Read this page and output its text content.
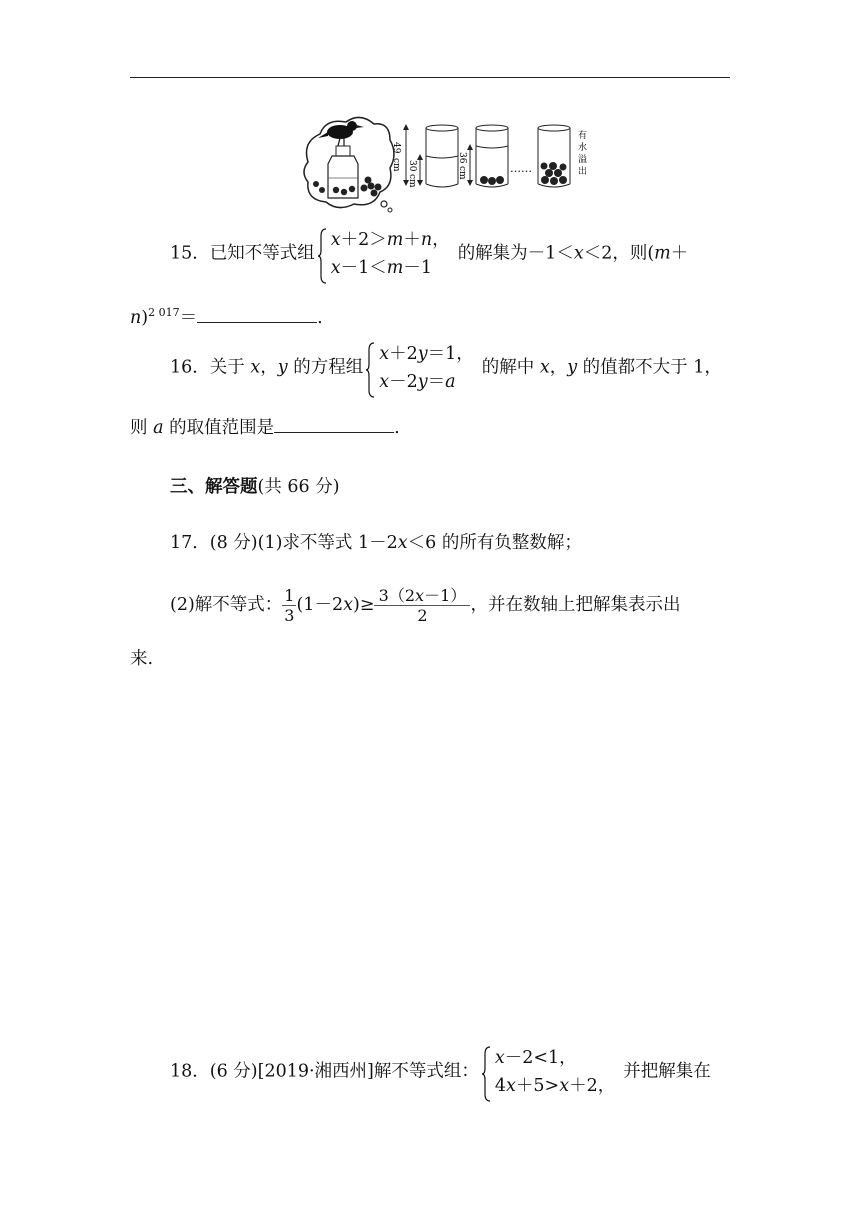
49
cm 30
cm
36
cm	……
有
水
溢
出
15．已知不等式组
x＋2＞m＋n，
x－1＜m－1
的解集为－1＜x＜2，则(m＋
n)$^{2 017}$＝	.
16．关于 x，y 的方程组
x＋2y＝1，
x－2y＝a
的解中 x，y 的值都不大于 1，
则 a 的取值范围是	.
三、解答题(共 66 分)
17．(8 分)(1)求不等式 1－2x＜6 的所有负整数解；
(2)解不等式： $\frac{1}{3} (1-2x)\ge \frac{3(2x-1)}{2}$ ，并在数轴上把解集表示出
来.
18．(6 分)[2019·湘西州]解不等式组：
x－2<1，
4x＋5>x＋2，
并把解集在
